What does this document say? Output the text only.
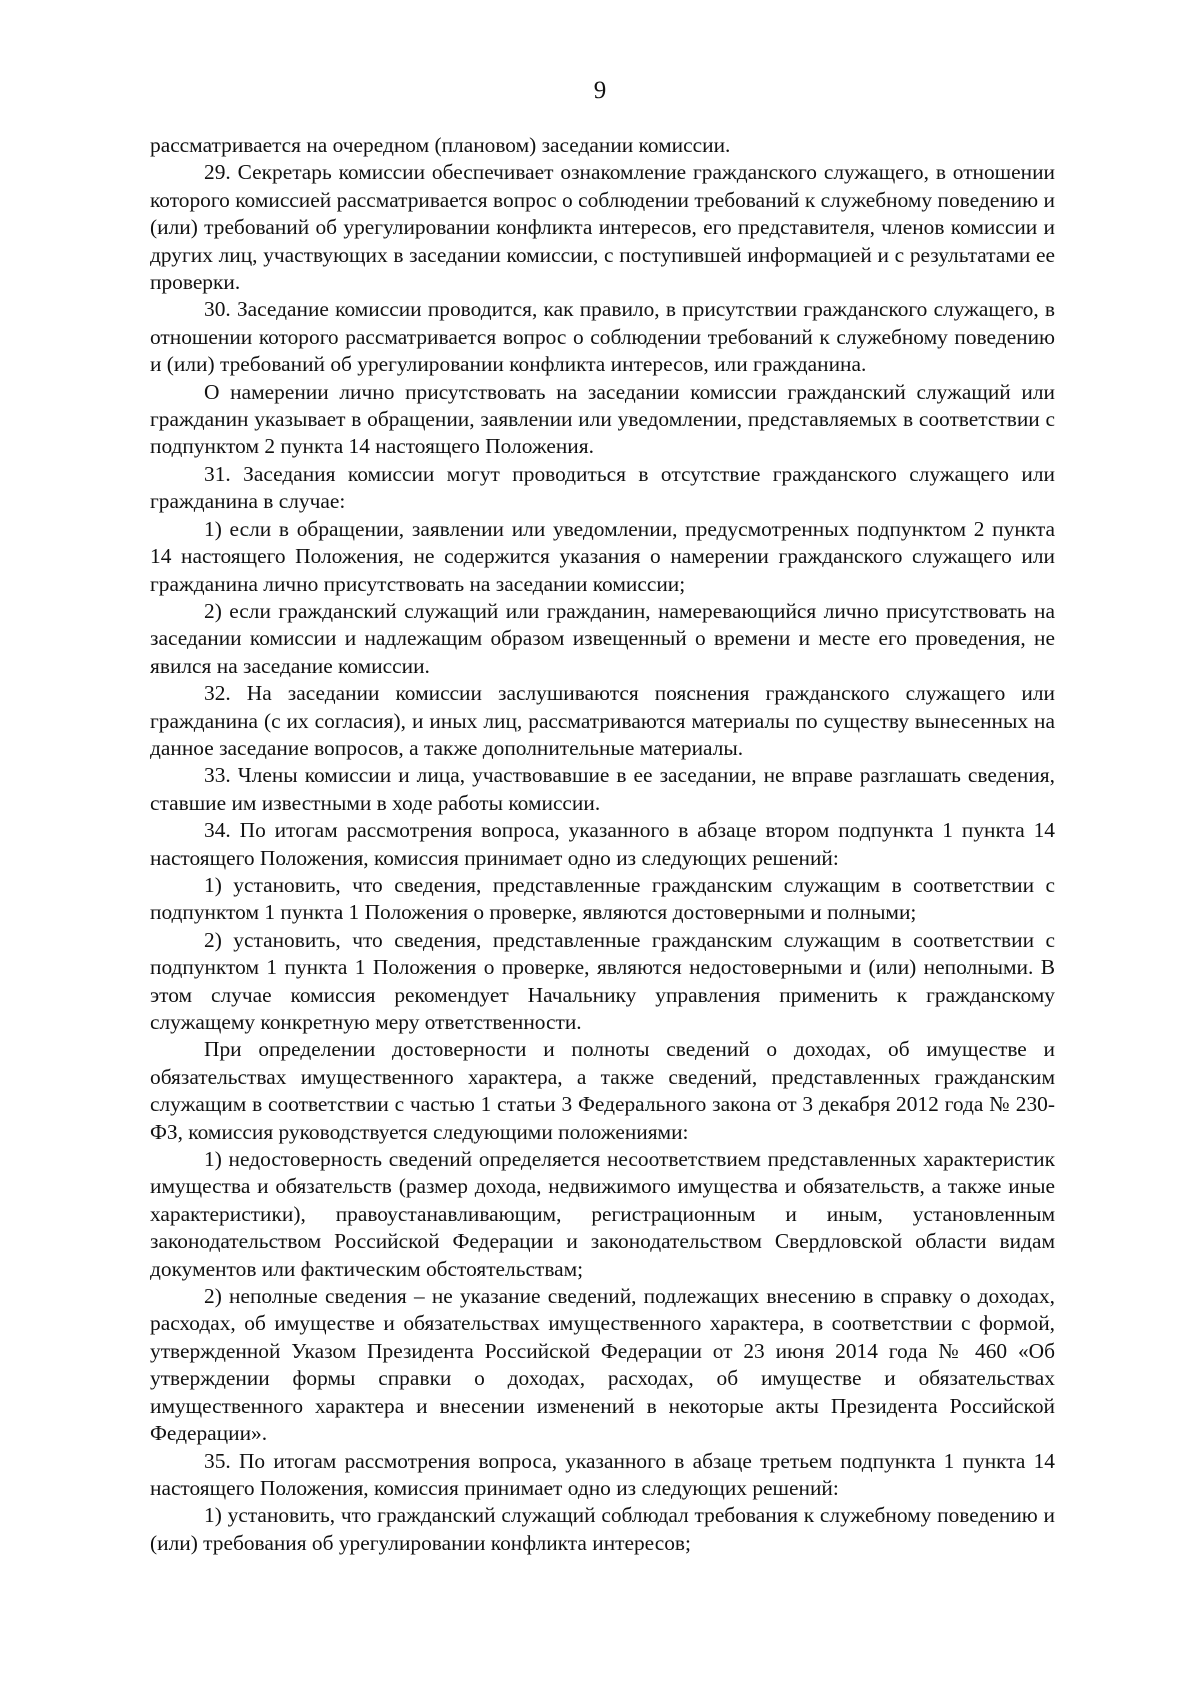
9

рассматривается на очередном (плановом) заседании комиссии.

29. Секретарь комиссии обеспечивает ознакомление гражданского служащего, в отношении которого комиссией рассматривается вопрос о соблюдении требований к служебному поведению и (или) требований об урегулировании конфликта интересов, его представителя, членов комиссии и других лиц, участвующих в заседании комиссии, с поступившей информацией и с результатами ее проверки.

30. Заседание комиссии проводится, как правило, в присутствии гражданского служащего, в отношении которого рассматривается вопрос о соблюдении требований к служебному поведению и (или) требований об урегулировании конфликта интересов, или гражданина.

О намерении лично присутствовать на заседании комиссии гражданский служащий или гражданин указывает в обращении, заявлении или уведомлении, представляемых в соответствии с подпунктом 2 пункта 14 настоящего Положения.

31. Заседания комиссии могут проводиться в отсутствие гражданского служащего или гражданина в случае:

1) если в обращении, заявлении или уведомлении, предусмотренных подпунктом 2 пункта 14 настоящего Положения, не содержится указания о намерении гражданского служащего или гражданина лично присутствовать на заседании комиссии;

2) если гражданский служащий или гражданин, намеревающийся лично присутствовать на заседании комиссии и надлежащим образом извещенный о времени и месте его проведения, не явился на заседание комиссии.

32. На заседании комиссии заслушиваются пояснения гражданского служащего или гражданина (с их согласия), и иных лиц, рассматриваются материалы по существу вынесенных на данное заседание вопросов, а также дополнительные материалы.

33. Члены комиссии и лица, участвовавшие в ее заседании, не вправе разглашать сведения, ставшие им известными в ходе работы комиссии.

34. По итогам рассмотрения вопроса, указанного в абзаце втором подпункта 1 пункта 14 настоящего Положения, комиссия принимает одно из следующих решений:

1) установить, что сведения, представленные гражданским служащим в соответствии с подпунктом 1 пункта 1 Положения о проверке, являются достоверными и полными;

2) установить, что сведения, представленные гражданским служащим в соответствии с подпунктом 1 пункта 1 Положения о проверке, являются недостоверными и (или) неполными. В этом случае комиссия рекомендует Начальнику управления применить к гражданскому служащему конкретную меру ответственности.

При определении достоверности и полноты сведений о доходах, об имуществе и обязательствах имущественного характера, а также сведений, представленных гражданским служащим в соответствии с частью 1 статьи 3 Федерального закона от 3 декабря 2012 года № 230-ФЗ, комиссия руководствуется следующими положениями:

1) недостоверность сведений определяется несоответствием представленных характеристик имущества и обязательств (размер дохода, недвижимого имущества и обязательств, а также иные характеристики), правоустанавливающим, регистрационным и иным, установленным законодательством Российской Федерации и законодательством Свердловской области видам документов или фактическим обстоятельствам;

2) неполные сведения – не указание сведений, подлежащих внесению в справку о доходах, расходах, об имуществе и обязательствах имущественного характера, в соответствии с формой, утвержденной Указом Президента Российской Федерации от 23 июня 2014 года № 460 «Об утверждении формы справки о доходах, расходах, об имуществе и обязательствах имущественного характера и внесении изменений в некоторые акты Президента Российской Федерации».

35. По итогам рассмотрения вопроса, указанного в абзаце третьем подпункта 1 пункта 14 настоящего Положения, комиссия принимает одно из следующих решений:

1) установить, что гражданский служащий соблюдал требования к служебному поведению и (или) требования об урегулировании конфликта интересов;
